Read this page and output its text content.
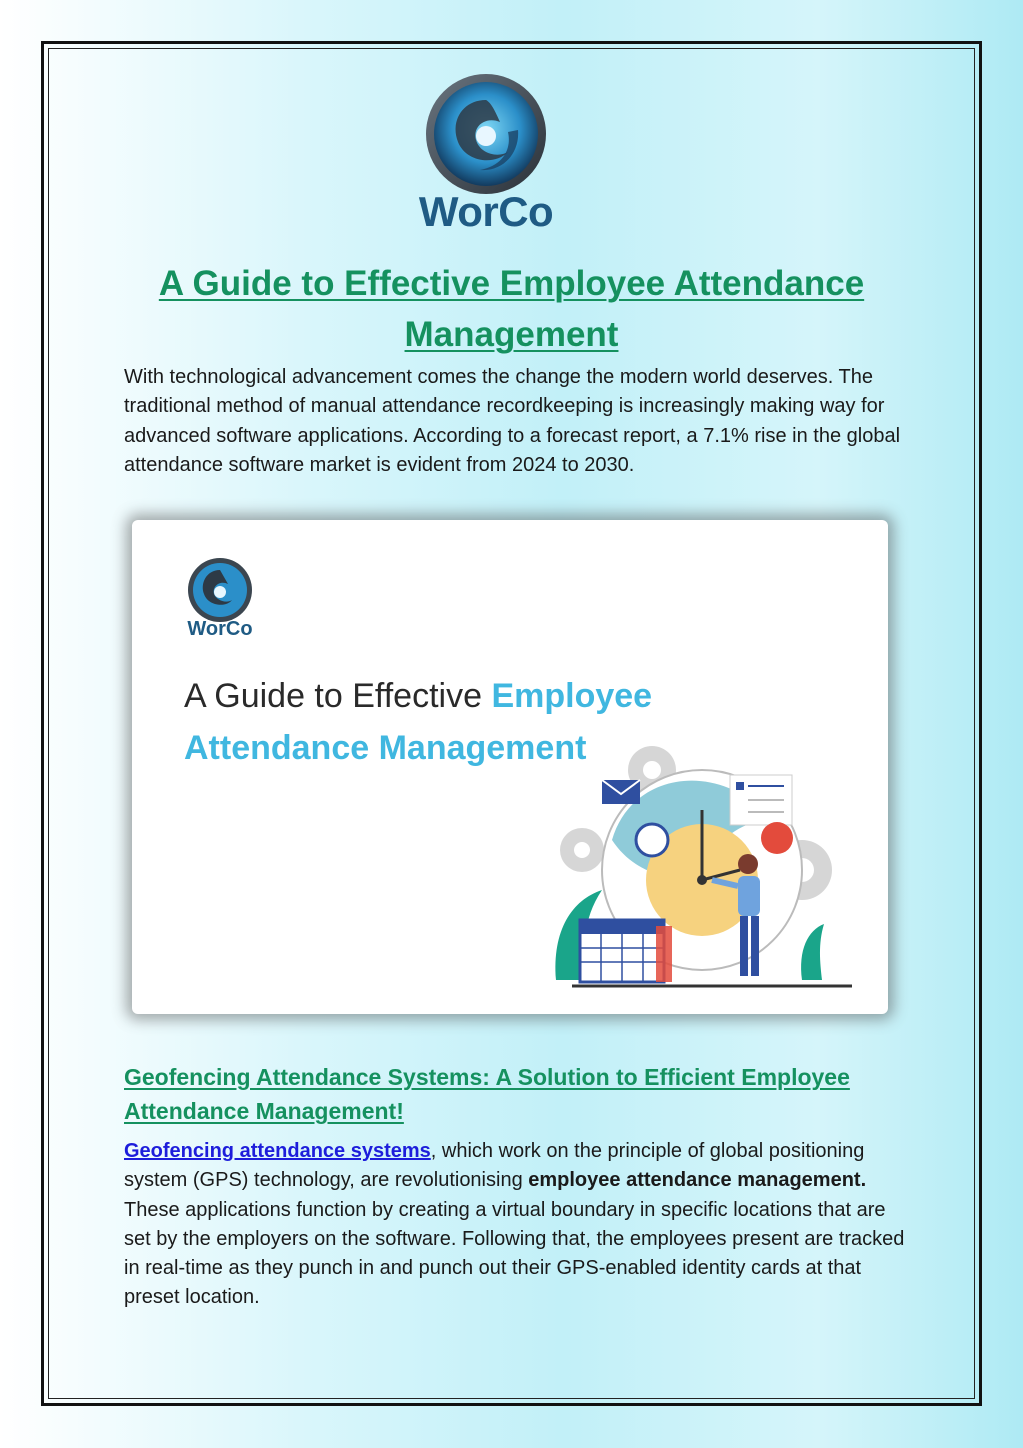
WorCo
A Guide to Effective Employee Attendance Management
With technological advancement comes the change the modern world deserves. The traditional method of manual attendance recordkeeping is increasingly making way for advanced software applications. According to a forecast report, a 7.1% rise in the global attendance software market is evident from 2024 to 2030.
WorCo
A Guide to Effective Employee
Attendance Management
Geofencing Attendance Systems: A Solution to Efficient Employee Attendance Management!
Geofencing attendance systems, which work on the principle of global positioning system (GPS) technology, are revolutionising employee attendance management. These applications function by creating a virtual boundary in specific locations that are set by the employers on the software. Following that, the employees present are tracked in real-time as they punch in and punch out their GPS-enabled identity cards at that preset location.
